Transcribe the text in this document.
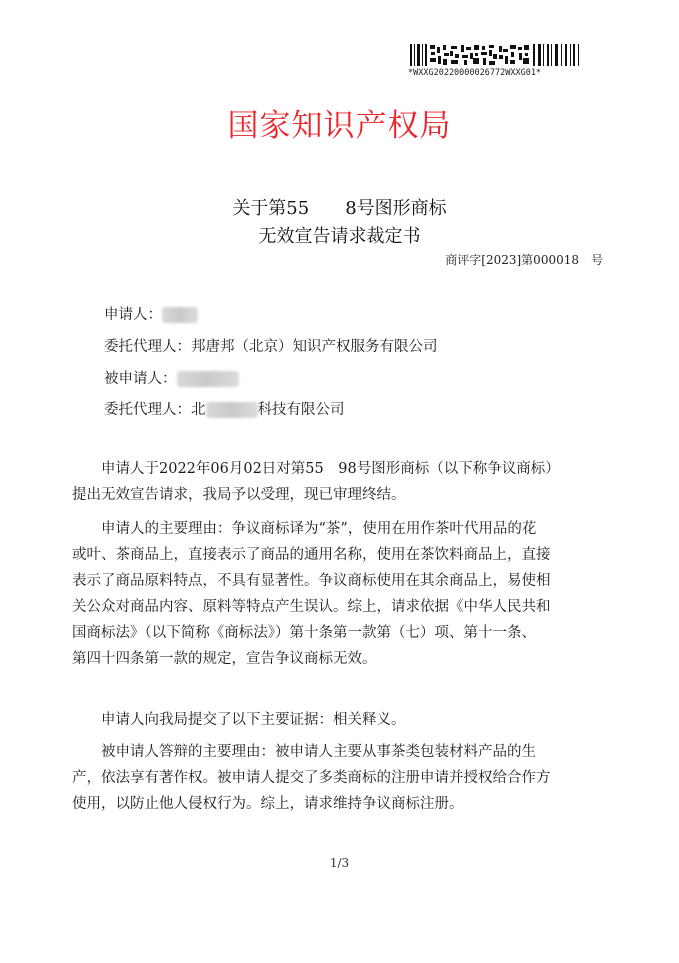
*WXXG20220000026772WXXG01*
国家知识产权局
关于第55　　8号图形商标
无效宣告请求裁定书
商评字[2023]第000018　号
申请人：
委托代理人：邦唐邦（北京）知识产权服务有限公司
被申请人：
委托代理人：北	科技有限公司
　　申请人于2022年06月02日对第55　98号图形商标（以下称争议商标）
提出无效宣告请求，我局予以受理，现已审理终结。
　　申请人的主要理由：争议商标译为“茶”，使用在用作茶叶代用品的花
或叶、茶商品上，直接表示了商品的通用名称，使用在茶饮料商品上，直接
表示了商品原料特点，不具有显著性。争议商标使用在其余商品上，易使相
关公众对商品内容、原料等特点产生误认。综上，请求依据《中华人民共和
国商标法》（以下简称《商标法》）第十条第一款第（七）项、第十一条、
第四十四条第一款的规定，宣告争议商标无效。
　　申请人向我局提交了以下主要证据：相关释义。
　　被申请人答辩的主要理由：被申请人主要从事茶类包装材料产品的生
产，依法享有著作权。被申请人提交了多类商标的注册申请并授权给合作方
使用，以防止他人侵权行为。综上，请求维持争议商标注册。
1/3
